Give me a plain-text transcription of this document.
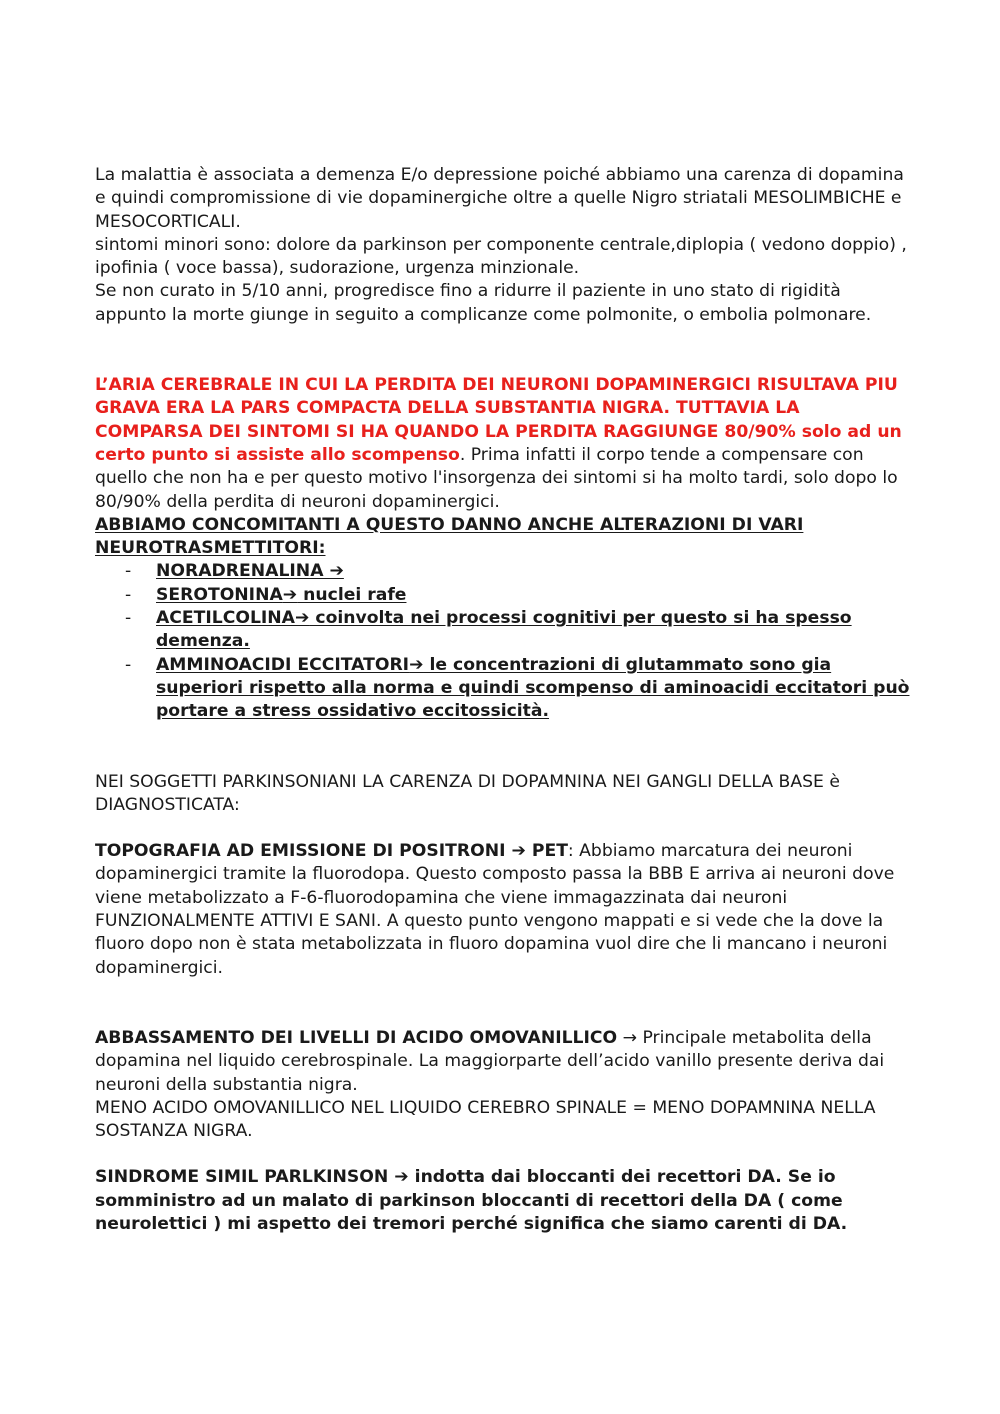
La malattia è associata a demenza E/o depressione poiché abbiamo una carenza di dopamina e quindi compromissione di vie dopaminergiche oltre a quelle Nigro striatali MESOLIMBICHE e MESOCORTICALI.

sintomi minori sono: dolore da parkinson per componente centrale,diplopia ( vedono doppio) , ipofinia ( voce bassa), sudorazione, urgenza minzionale.

Se non curato in 5/10 anni, progredisce fino a ridurre il paziente in uno stato di rigidità appunto la morte giunge in seguito a complicanze come polmonite, o embolia polmonare.

L’ARIA CEREBRALE IN CUI LA PERDITA DEI NEURONI DOPAMINERGICI RISULTAVA PIU GRAVA ERA LA PARS COMPACTA DELLA SUBSTANTIA NIGRA. TUTTAVIA LA COMPARSA DEI SINTOMI SI HA QUANDO LA PERDITA RAGGIUNGE 80/90% solo ad un certo punto si assiste allo scompenso. Prima infatti il corpo tende a compensare con quello che non ha e per questo motivo l'insorgenza dei sintomi si ha molto tardi, solo dopo lo 80/90% della perdita di neuroni dopaminergici.

ABBIAMO CONCOMITANTI A QUESTO DANNO ANCHE ALTERAZIONI DI VARI NEUROTRASMETTITORI:

- NORADRENALINA ➔
- SEROTONINA➔ nuclei rafe
- ACETILCOLINA➔ coinvolta nei processi cognitivi per questo si ha spesso demenza.
- AMMINOACIDI ECCITATORI➔ le concentrazioni di glutammato sono gia superiori rispetto alla norma e quindi scompenso di aminoacidi eccitatori può portare a stress ossidativo eccitossicità.

NEI SOGGETTI PARKINSONIANI LA CARENZA DI DOPAMNINA NEI GANGLI DELLA BASE è DIAGNOSTICATA:

TOPOGRAFIA AD EMISSIONE DI POSITRONI ➔ PET: Abbiamo marcatura dei neuroni dopaminergici tramite la fluorodopa. Questo composto passa la BBB E arriva ai neuroni dove viene metabolizzato a F-6-fluorodopamina che viene immagazzinata dai neuroni FUNZIONALMENTE ATTIVI E SANI. A questo punto vengono mappati e si vede che la dove la fluoro dopo non è stata metabolizzata in fluoro dopamina vuol dire che li mancano i neuroni dopaminergici.

ABBASSAMENTO DEI LIVELLI DI ACIDO OMOVANILLICO → Principale metabolita della dopamina nel liquido cerebrospinale. La maggiorparte dell’acido vanillo presente deriva dai neuroni della substantia nigra.

MENO ACIDO OMOVANILLICO NEL LIQUIDO CEREBRO SPINALE = MENO DOPAMNINA NELLA SOSTANZA NIGRA.

SINDROME SIMIL PARLKINSON ➔ indotta dai bloccanti dei recettori DA. Se io somministro ad un malato di parkinson bloccanti di recettori della DA ( come neurolettici ) mi aspetto dei tremori perché significa che siamo carenti di DA.
